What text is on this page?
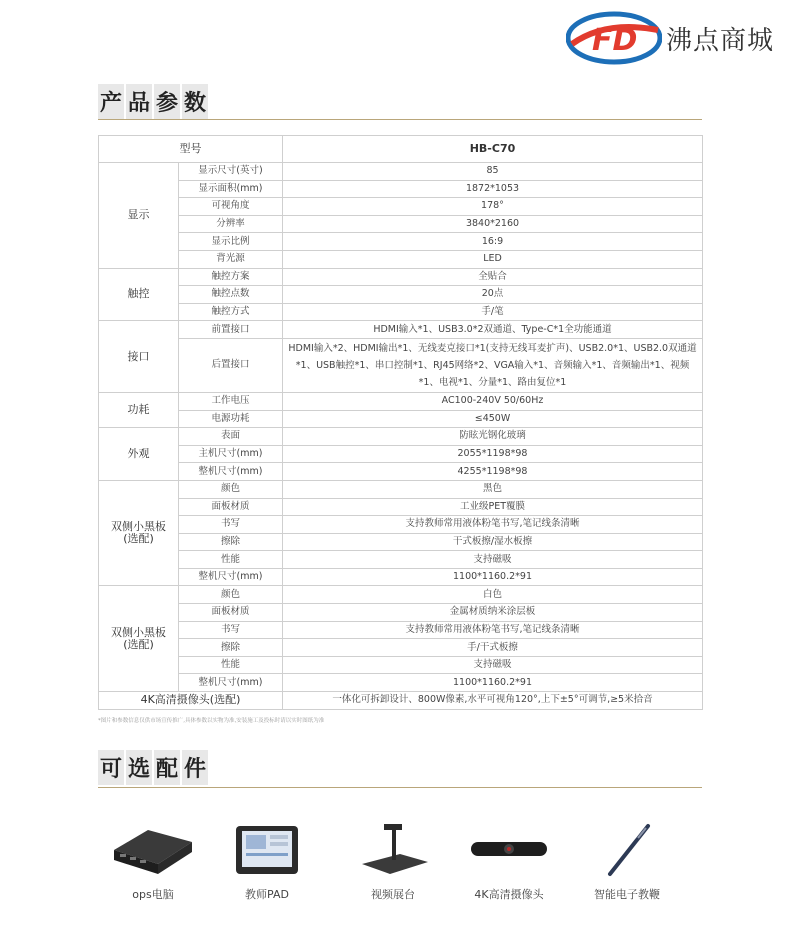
FD 沸点商城
产 品 参 数
型号		HB-C70
显示	显示尺寸(英寸)	85
	显示面积(mm)	1872*1053
	可视角度	178°
	分辨率	3840*2160
	显示比例	16:9
	背光源	LED
触控	触控方案	全贴合
	触控点数	20点
	触控方式	手/笔
接口	前置接口	HDMI输入*1、USB3.0*2双通道、Type-C*1全功能通道
	后置接口	HDMI输入*2、HDMI输出*1、无线麦克接口*1(支持无线耳麦扩声)、USB2.0*1、USB2.0双通道*1、USB触控*1、串口控制*1、RJ45网络*2、VGA输入*1、音频输入*1、音频输出*1、视频*1、电视*1、分量*1、路由复位*1
功耗	工作电压	AC100-240V 50/60Hz
	电源功耗	≤450W
外观	表面	防眩光钢化玻璃
	主机尺寸(mm)	2055*1198*98
	整机尺寸(mm)	4255*1198*98
双侧小黑板
(选配)	颜色	黑色
	面板材质	工业级PET覆膜
	书写	支持教师常用液体粉笔书写,笔记线条清晰
	擦除	干式板擦/湿水板擦
	性能	支持磁吸
	整机尺寸(mm)	1100*1160.2*91
双侧小黑板
(选配)	颜色	白色
	面板材质	金属材质纳米涂层板
	书写	支持教师常用液体粉笔书写,笔记线条清晰
	擦除	手/干式板擦
	性能	支持磁吸
	整机尺寸(mm)	1100*1160.2*91
4K高清摄像头(选配)		一体化可拆卸设计、800W像素,水平可视角120°,上下±5°可调节,≥5米拾音
*图片和参数信息仅供市场宣传推广,具体参数以实物为准,安装施工及投标时请以实时图纸为准
可 选 配 件
ops电脑	教师PAD	视频展台	4K高清摄像头	智能电子教鞭
